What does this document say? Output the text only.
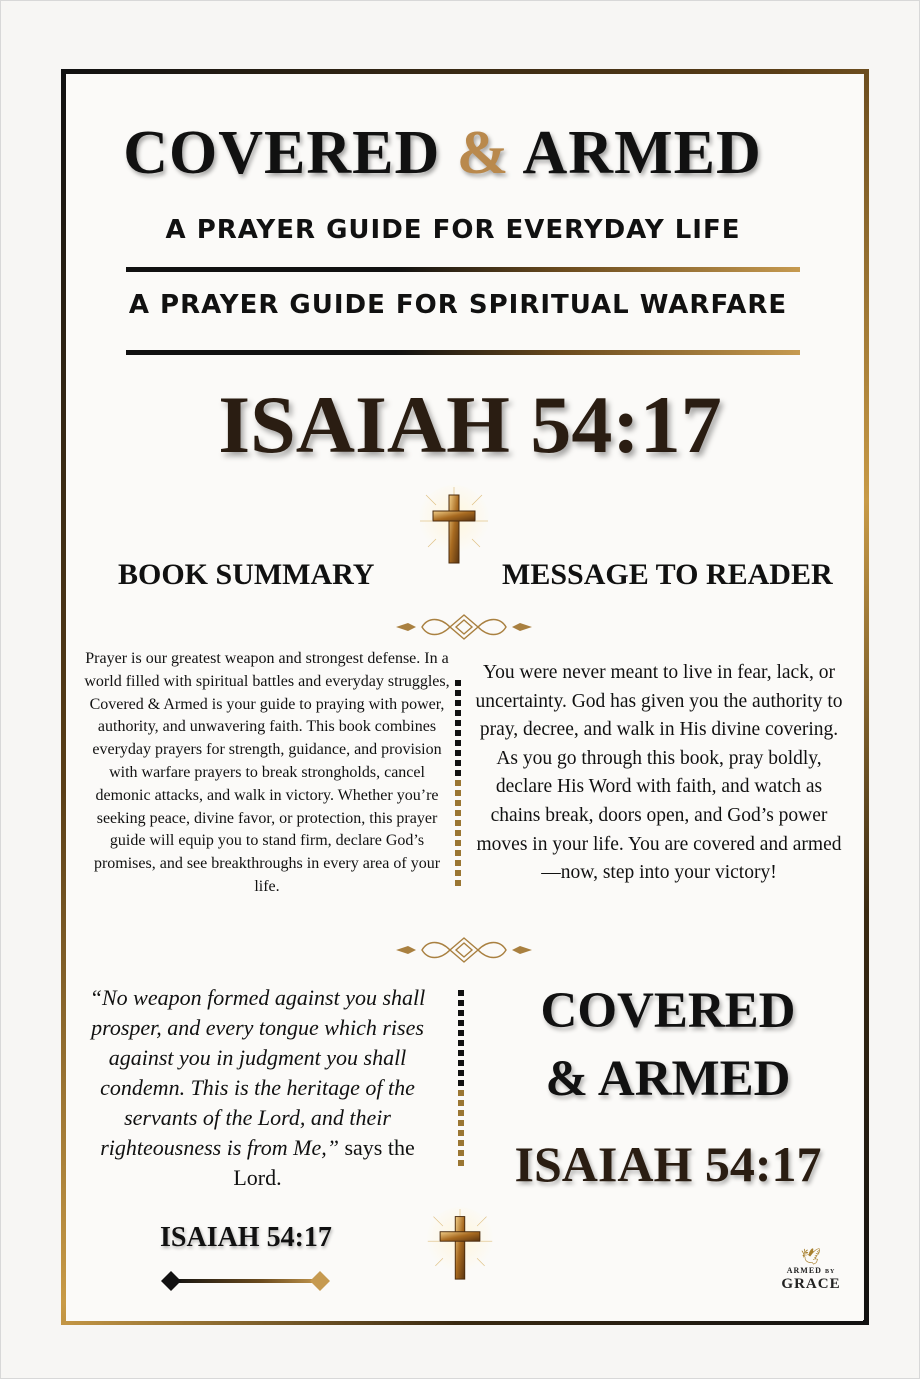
COVERED & ARMED
A PRAYER GUIDE FOR EVERYDAY LIFE
A PRAYER GUIDE FOR SPIRITUAL WARFARE
ISAIAH 54:17
BOOK SUMMARY	MESSAGE TO READER
Prayer is our greatest weapon and strongest defense. In a world filled with spiritual battles and everyday struggles, Covered & Armed is your guide to praying with power, authority, and unwavering faith. This book combines everyday prayers for strength, guidance, and provision with warfare prayers to break strongholds, cancel demonic attacks, and walk in victory. Whether you’re seeking peace, divine favor, or protection, this prayer guide will equip you to stand firm, declare God’s promises, and see breakthroughs in every area of your life.
You were never meant to live in fear, lack, or uncertainty. God has given you the authority to pray, decree, and walk in His divine covering. As you go through this book, pray boldly, declare His Word with faith, and watch as chains break, doors open, and God’s power moves in your life. You are covered and armed—now, step into your victory!
“No weapon formed against you shall prosper, and every tongue which rises against you in judgment you shall condemn. This is the heritage of the servants of the Lord, and their righteousness is from Me,” says the Lord.
COVERED
& ARMED
ISAIAH 54:17
ISAIAH 54:17
🕊
ARMED BY
GRACE
